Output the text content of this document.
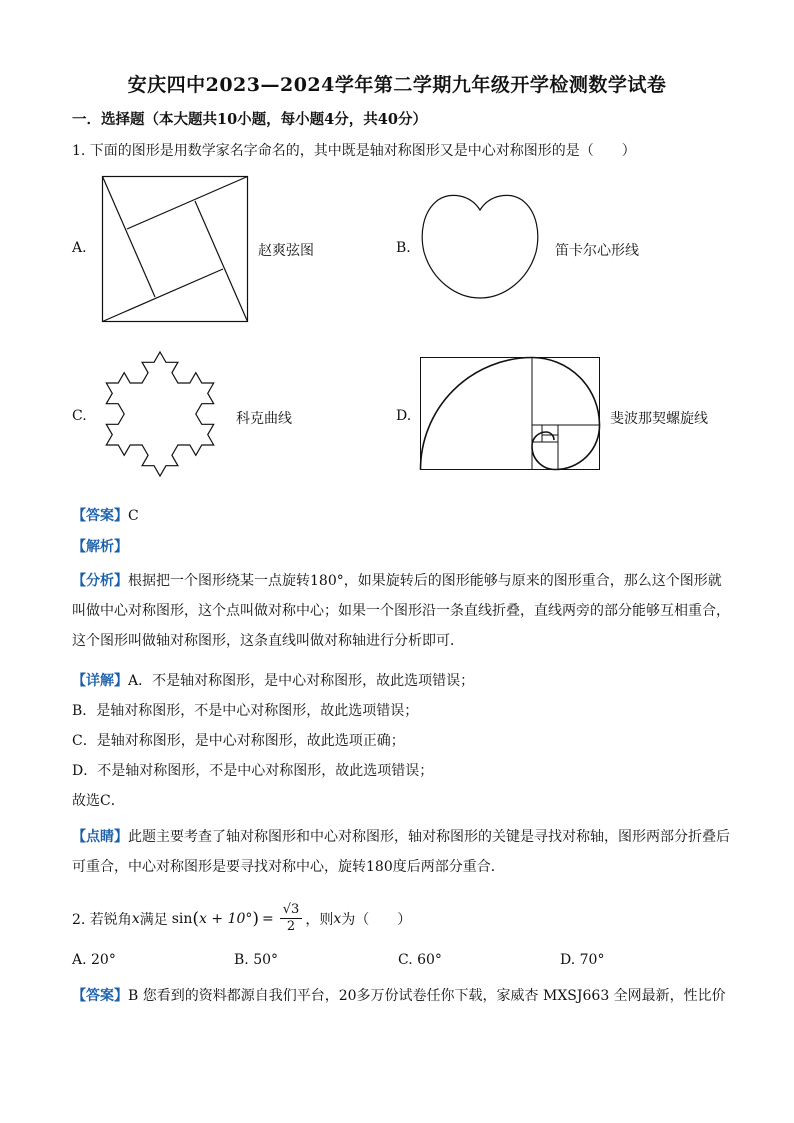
安庆四中2023—2024学年第二学期九年级开学检测数学试卷
一．选择题（本大题共10小题，每小题4分，共40分）
1. 下面的图形是用数学家名字命名的，其中既是轴对称图形又是中心对称图形的是（　　）
A.	赵爽弦图	B.	笛卡尔心形线
C.	科克曲线	D.	斐波那契螺旋线
【答案】C
【解析】
【分析】根据把一个图形绕某一点旋转180°，如果旋转后的图形能够与原来的图形重合，那么这个图形就叫做中心对称图形，这个点叫做对称中心；如果一个图形沿一条直线折叠，直线两旁的部分能够互相重合，这个图形叫做轴对称图形，这条直线叫做对称轴进行分析即可．
【详解】A．不是轴对称图形，是中心对称图形，故此选项错误；
B．是轴对称图形，不是中心对称图形，故此选项错误；
C．是轴对称图形，是中心对称图形，故此选项正确；
D．不是轴对称图形，不是中心对称图形，故此选项错误；
故选C．
【点睛】此题主要考查了轴对称图形和中心对称图形，轴对称图形的关键是寻找对称轴，图形两部分折叠后可重合，中心对称图形是要寻找对称中心，旋转180度后两部分重合．
2. 若锐角 x 满足 sin ( x + 10° ) = $\frac{√3}{2}$ ，则 x 为（　　）
A. 20°	B. 50°	C. 60°	D. 70°
【答案】B 您看到的资料都源自我们平台，20多万份试卷任你下载，家威杏 MXSJ663 全网最新，性比价
